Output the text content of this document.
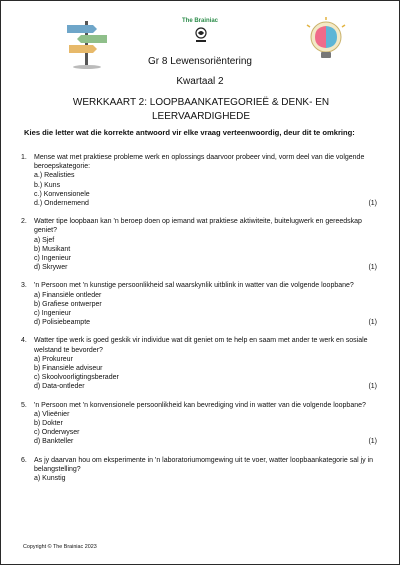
The Brainiac
Gr 8 Lewensoriëntering
Kwartaal 2
WERKKAART 2: LOOPBAANKATEGORIEË & DENK- EN
LEERVAARDIGHEDE
Kies die letter wat die korrekte antwoord vir elke vraag verteenwoordig, deur dit te omkring:
1.	Mense wat met praktiese probleme werk en oplossings daarvoor probeer vind, vorm deel van die volgende beroepskategorie:
a.) Realisties
b.) Kuns
c.) Konvensionele
d.) Ondernemend	(1)
2.	Watter tipe loopbaan kan 'n beroep doen op iemand wat praktiese aktiwiteite, buitelugwerk en gereedskap geniet?
a) Sjef
b) Musikant
c) Ingenieur
d) Skrywer	(1)
3.	'n Persoon met 'n kunstige persoonlikheid sal waarskynlik uitblink in watter van die volgende loopbane?
a) Finansiële ontleder
b) Grafiese ontwerper
c) Ingenieur
d) Polisiebeampte	(1)
4.	Watter tipe werk is goed geskik vir individue wat dit geniet om te help en saam met ander te werk en sosiale welstand te bevorder?
a) Prokureur
b) Finansiële adviseur
c) Skoolvoorligtingsberader
d) Data-ontleder	(1)
5.	'n Persoon met 'n konvensionele persoonlikheid kan bevrediging vind in watter van die volgende loopbane?
a) Vlieënier
b) Dokter
c) Onderwyser
d) Bankteller	(1)
6.	As jy daarvan hou om eksperimente in 'n laboratoriumomgewing uit te voer, watter loopbaankategorie sal jy in belangstelling?
a) Kunstig
Copyright © The Brainiac 2023
